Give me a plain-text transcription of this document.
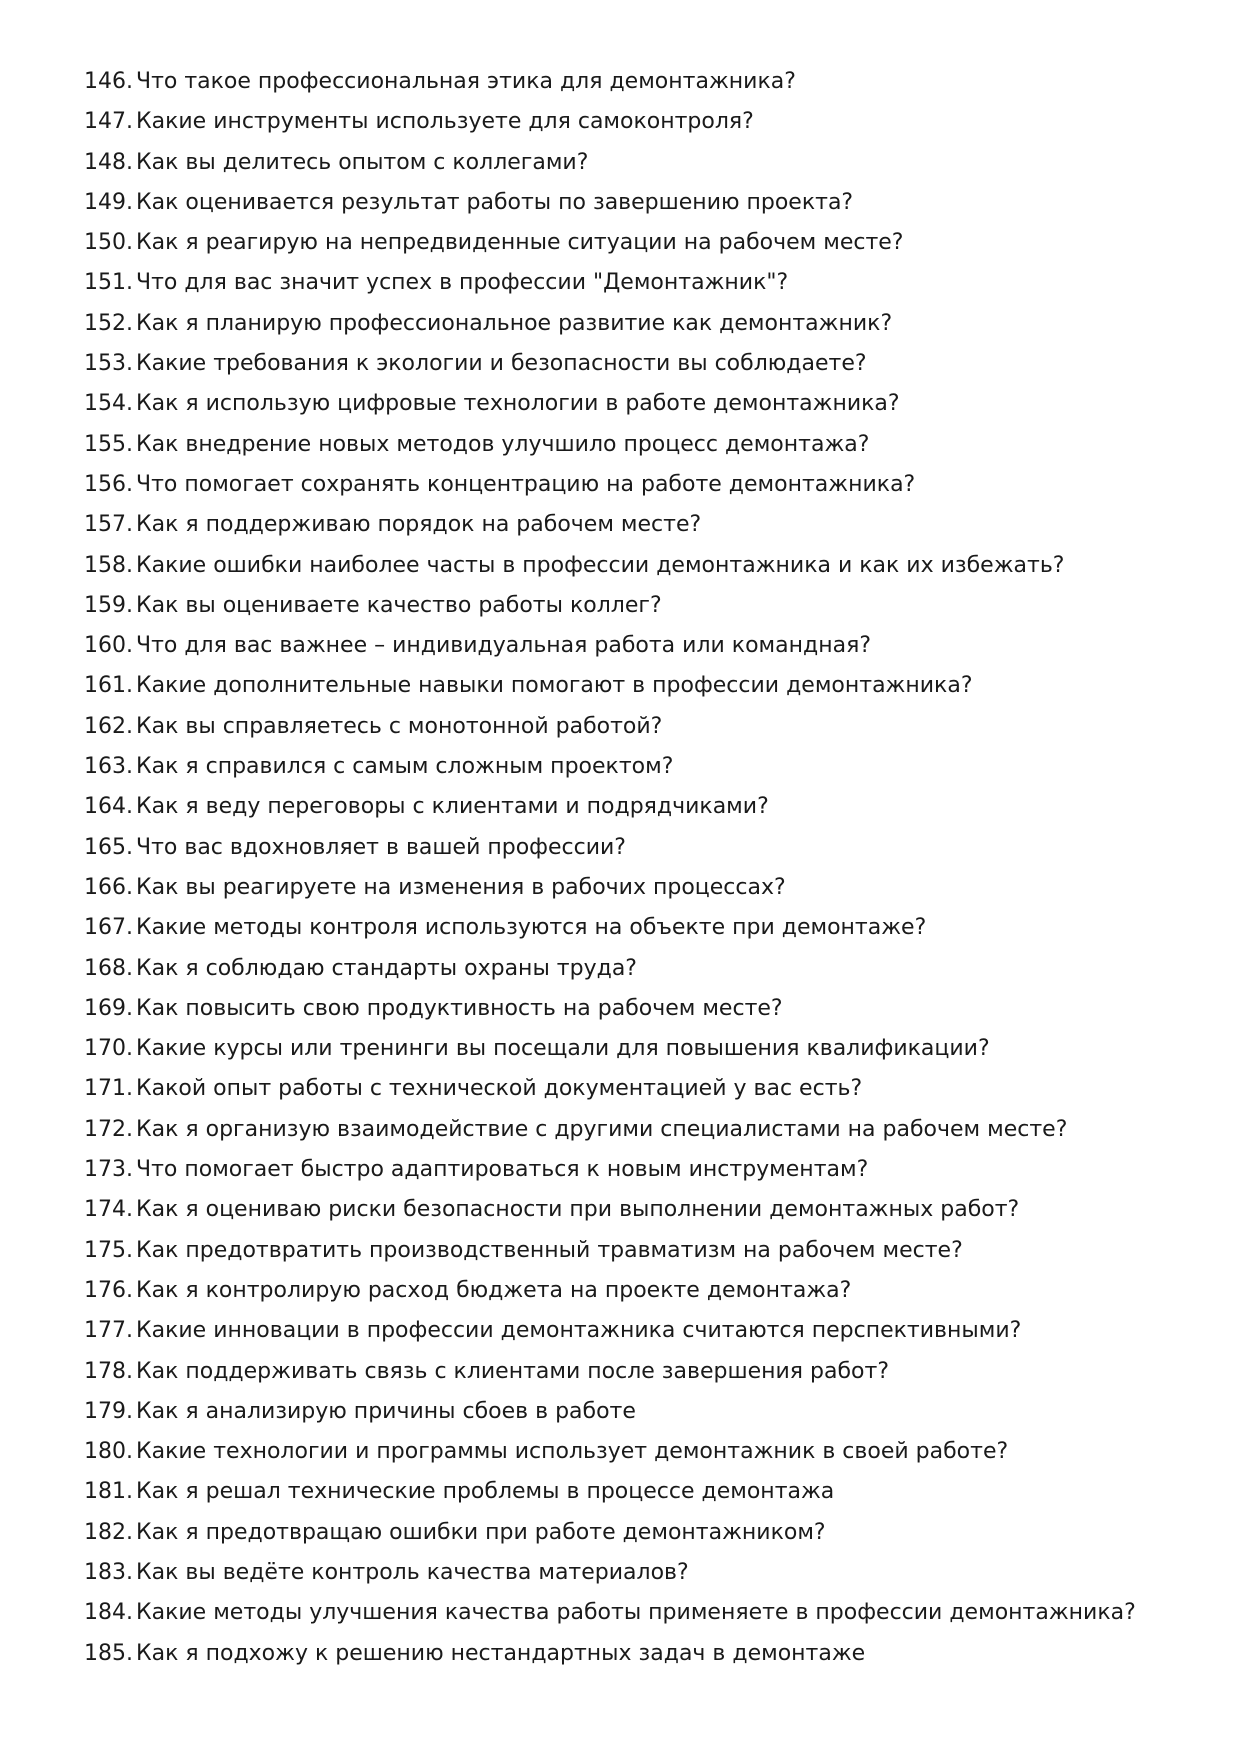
146. Что такое профессиональная этика для демонтажника?
147. Какие инструменты используете для самоконтроля?
148. Как вы делитесь опытом с коллегами?
149. Как оценивается результат работы по завершению проекта?
150. Как я реагирую на непредвиденные ситуации на рабочем месте?
151. Что для вас значит успех в профессии "Демонтажник"?
152. Как я планирую профессиональное развитие как демонтажник?
153. Какие требования к экологии и безопасности вы соблюдаете?
154. Как я использую цифровые технологии в работе демонтажника?
155. Как внедрение новых методов улучшило процесс демонтажа?
156. Что помогает сохранять концентрацию на работе демонтажника?
157. Как я поддерживаю порядок на рабочем месте?
158. Какие ошибки наиболее часты в профессии демонтажника и как их избежать?
159. Как вы оцениваете качество работы коллег?
160. Что для вас важнее – индивидуальная работа или командная?
161. Какие дополнительные навыки помогают в профессии демонтажника?
162. Как вы справляетесь с монотонной работой?
163. Как я справился с самым сложным проектом?
164. Как я веду переговоры с клиентами и подрядчиками?
165. Что вас вдохновляет в вашей профессии?
166. Как вы реагируете на изменения в рабочих процессах?
167. Какие методы контроля используются на объекте при демонтаже?
168. Как я соблюдаю стандарты охраны труда?
169. Как повысить свою продуктивность на рабочем месте?
170. Какие курсы или тренинги вы посещали для повышения квалификации?
171. Какой опыт работы с технической документацией у вас есть?
172. Как я организую взаимодействие с другими специалистами на рабочем месте?
173. Что помогает быстро адаптироваться к новым инструментам?
174. Как я оцениваю риски безопасности при выполнении демонтажных работ?
175. Как предотвратить производственный травматизм на рабочем месте?
176. Как я контролирую расход бюджета на проекте демонтажа?
177. Какие инновации в профессии демонтажника считаются перспективными?
178. Как поддерживать связь с клиентами после завершения работ?
179. Как я анализирую причины сбоев в работе
180. Какие технологии и программы использует демонтажник в своей работе?
181. Как я решал технические проблемы в процессе демонтажа
182. Как я предотвращаю ошибки при работе демонтажником?
183. Как вы ведёте контроль качества материалов?
184. Какие методы улучшения качества работы применяете в профессии демонтажника?
185. Как я подхожу к решению нестандартных задач в демонтаже
